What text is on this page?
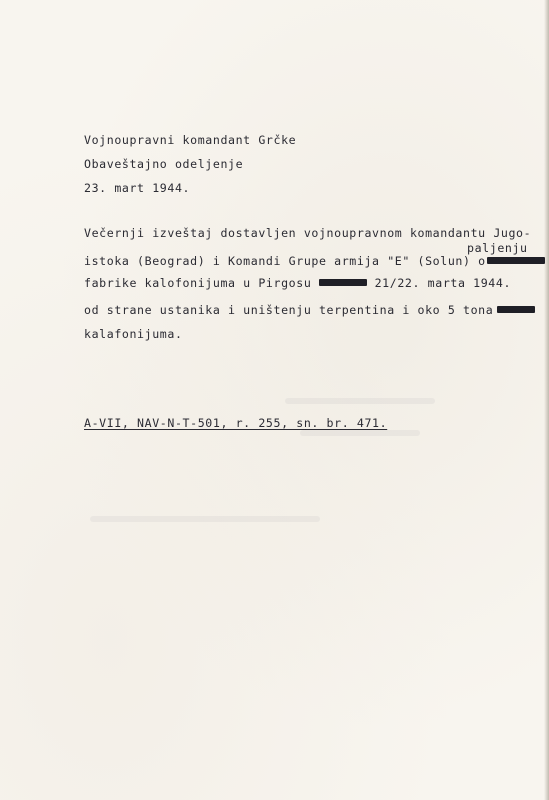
Vojnoupravni komandant Grčke
Obaveštajno odeljenje
23. mart 1944.
Večernji izveštaj dostavljen vojnoupravnom komandantu Jugo-
paljenju
istoka (Beograd) i Komandi Grupe armija "E" (Solun) o
fabrike kalofonijuma u Pirgosu	21/22. marta 1944.
od strane ustanika i uništenju terpentina i oko 5 tona
kalafonijuma.
A-VII, NAV-N-T-501, r. 255, sn. br. 471.
